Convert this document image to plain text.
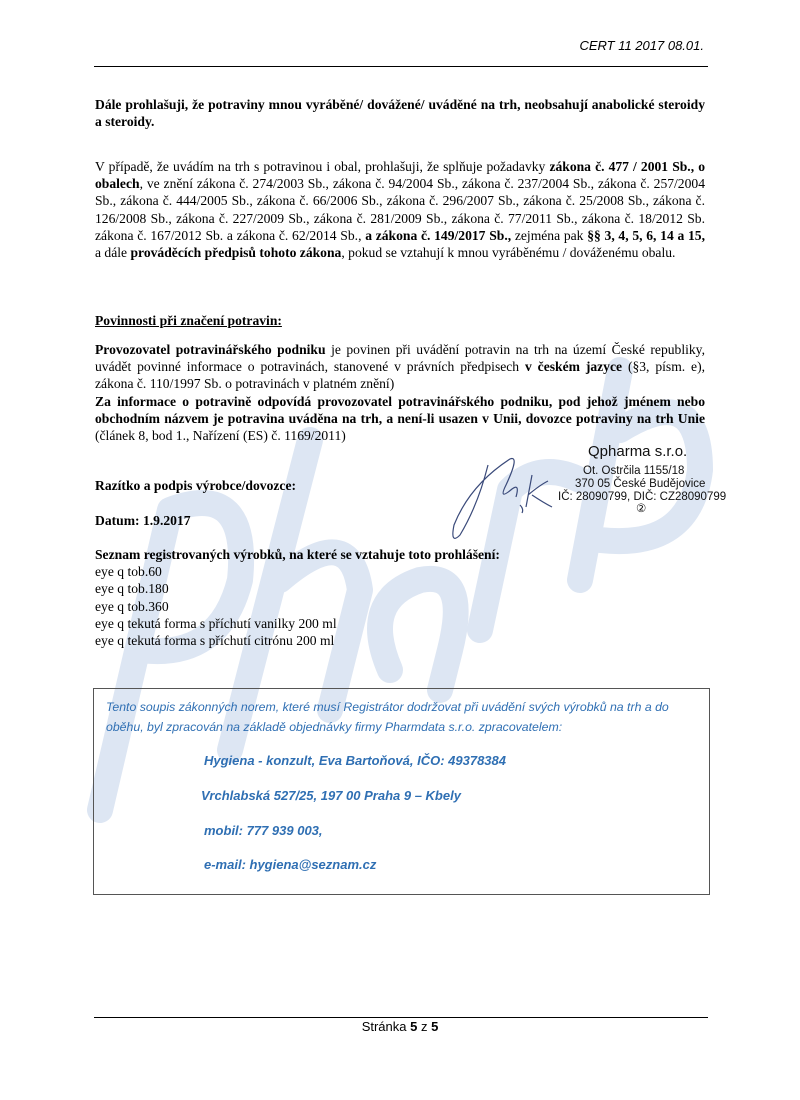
CERT 11 2017 08.01.
Dále prohlašuji, že potraviny mnou vyráběné/ dovážené/ uváděné na trh, neobsahují anabolické steroidy a steroidy.
V případě, že uvádím na trh s potravinou i obal, prohlašuji, že splňuje požadavky zákona č. 477 / 2001 Sb., o obalech, ve znění zákona č. 274/2003 Sb., zákona č. 94/2004 Sb., zákona č. 237/2004 Sb., zákona č. 257/2004 Sb., zákona č. 444/2005 Sb., zákona č. 66/2006 Sb., zákona č. 296/2007 Sb., zákona č. 25/2008 Sb., zákona č. 126/2008 Sb., zákona č. 227/2009 Sb., zákona č. 281/2009 Sb., zákona č. 77/2011 Sb., zákona č. 18/2012 Sb. zákona č. 167/2012 Sb. a zákona č. 62/2014 Sb., a zákona č. 149/2017 Sb., zejména pak §§ 3, 4, 5, 6, 14 a 15, a dále prováděcích předpisů tohoto zákona, pokud se vztahují k mnou vyráběnému / dováženému obalu.
Povinnosti při značení potravin:
Provozovatel potravinářského podniku je povinen při uvádění potravin na trh na území České republiky, uvádět povinné informace o potravinách, stanovené v právních předpisech v českém jazyce (§3, písm. e), zákona č. 110/1997 Sb. o potravinách v platném znění)
Za informace o potravině odpovídá provozovatel potravinářského podniku, pod jehož jménem nebo obchodním názvem je potravina uváděna na trh, a není-li usazen v Unii, dovozce potraviny na trh Unie (článek 8, bod 1., Nařízení (ES) č. 1169/2011)
Razítko a podpis výrobce/dovozce:
Datum: 1.9.2017
Seznam registrovaných výrobků, na které se vztahuje toto prohlášení:
eye q tob.60
eye q tob.180
eye q tob.360
eye q tekutá forma s příchutí vanilky 200 ml
eye q tekutá forma s příchutí citrónu 200 ml
Qpharma s.r.o.
Ot. Ostrčila 1155/18
370 05 České Budějovice
IČ: 28090799, DIČ: CZ28090799
②
Tento soupis zákonných norem, které musí Registrátor dodržovat při uvádění svých výrobků na trh a do oběhu, byl zpracován na základě objednávky firmy Pharmdata s.r.o. zpracovatelem:
Hygiena - konzult, Eva Bartoňová, IČO: 49378384
Vrchlabská 527/25, 197 00 Praha 9 – Kbely
mobil: 777 939 003,
e-mail: hygiena@seznam.cz
Stránka 5 z 5
